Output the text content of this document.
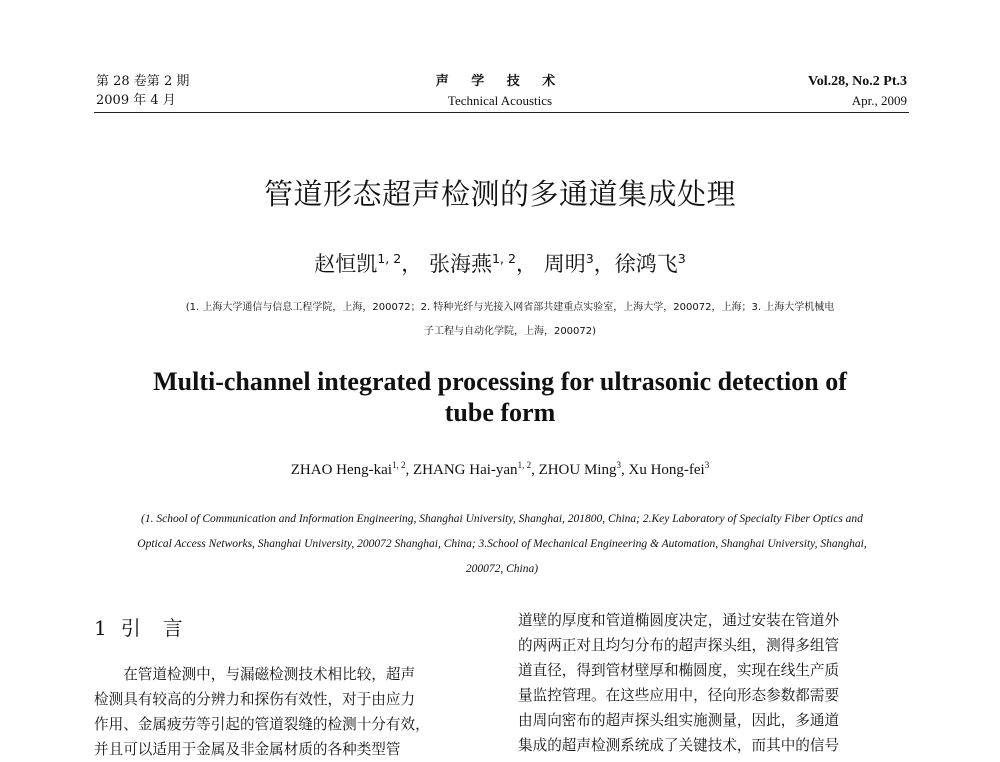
第 28 卷第 2 期
2009 年 4 月
声 学 技 术
Technical Acoustics
Vol.28, No.2 Pt.3
Apr., 2009
管道形态超声检测的多通道集成处理
赵恒凯$^{1, 2}$， 张海燕$^{1, 2}$， 周明$^3$，徐鸿飞$^3$
(1. 上海大学通信与信息工程学院，上海，200072；2. 特种光纤与光接入网省部共建重点实验室，上海大学，200072，上海；3. 上海大学机械电
子工程与自动化学院，上海，200072)
Multi-channel integrated processing for ultrasonic detection of
tube form
ZHAO Heng-kai$^{1, 2}$, ZHANG Hai-yan$^{1, 2}$, ZHOU Ming$^3$, Xu Hong-fei$^3$
(1. School of Communication and Information Engineering, Shanghai University, Shanghai, 201800, China; 2.Key Laboratory of Specialty Fiber Optics and
Optical Access Networks, Shanghai University, 200072 Shanghai, China; 3.School of Mechanical Engineering & Automation, Shanghai University, Shanghai,
200072, China)
1 引 言
在管道检测中，与漏磁检测技术相比较，超声
检测具有较高的分辨力和探伤有效性，对于由应力
作用、金属疲劳等引起的管道裂缝的检测十分有效，
并且可以适用于金属及非金属材质的各种类型管
道壁的厚度和管道椭圆度决定，通过安装在管道外
的两两正对且均匀分布的超声探头组，测得多组管
道直径，得到管材壁厚和椭圆度，实现在线生产质
量监控管理。在这些应用中，径向形态参数都需要
由周向密布的超声探头组实施测量，因此，多通道
集成的超声检测系统成了关键技术，而其中的信号
